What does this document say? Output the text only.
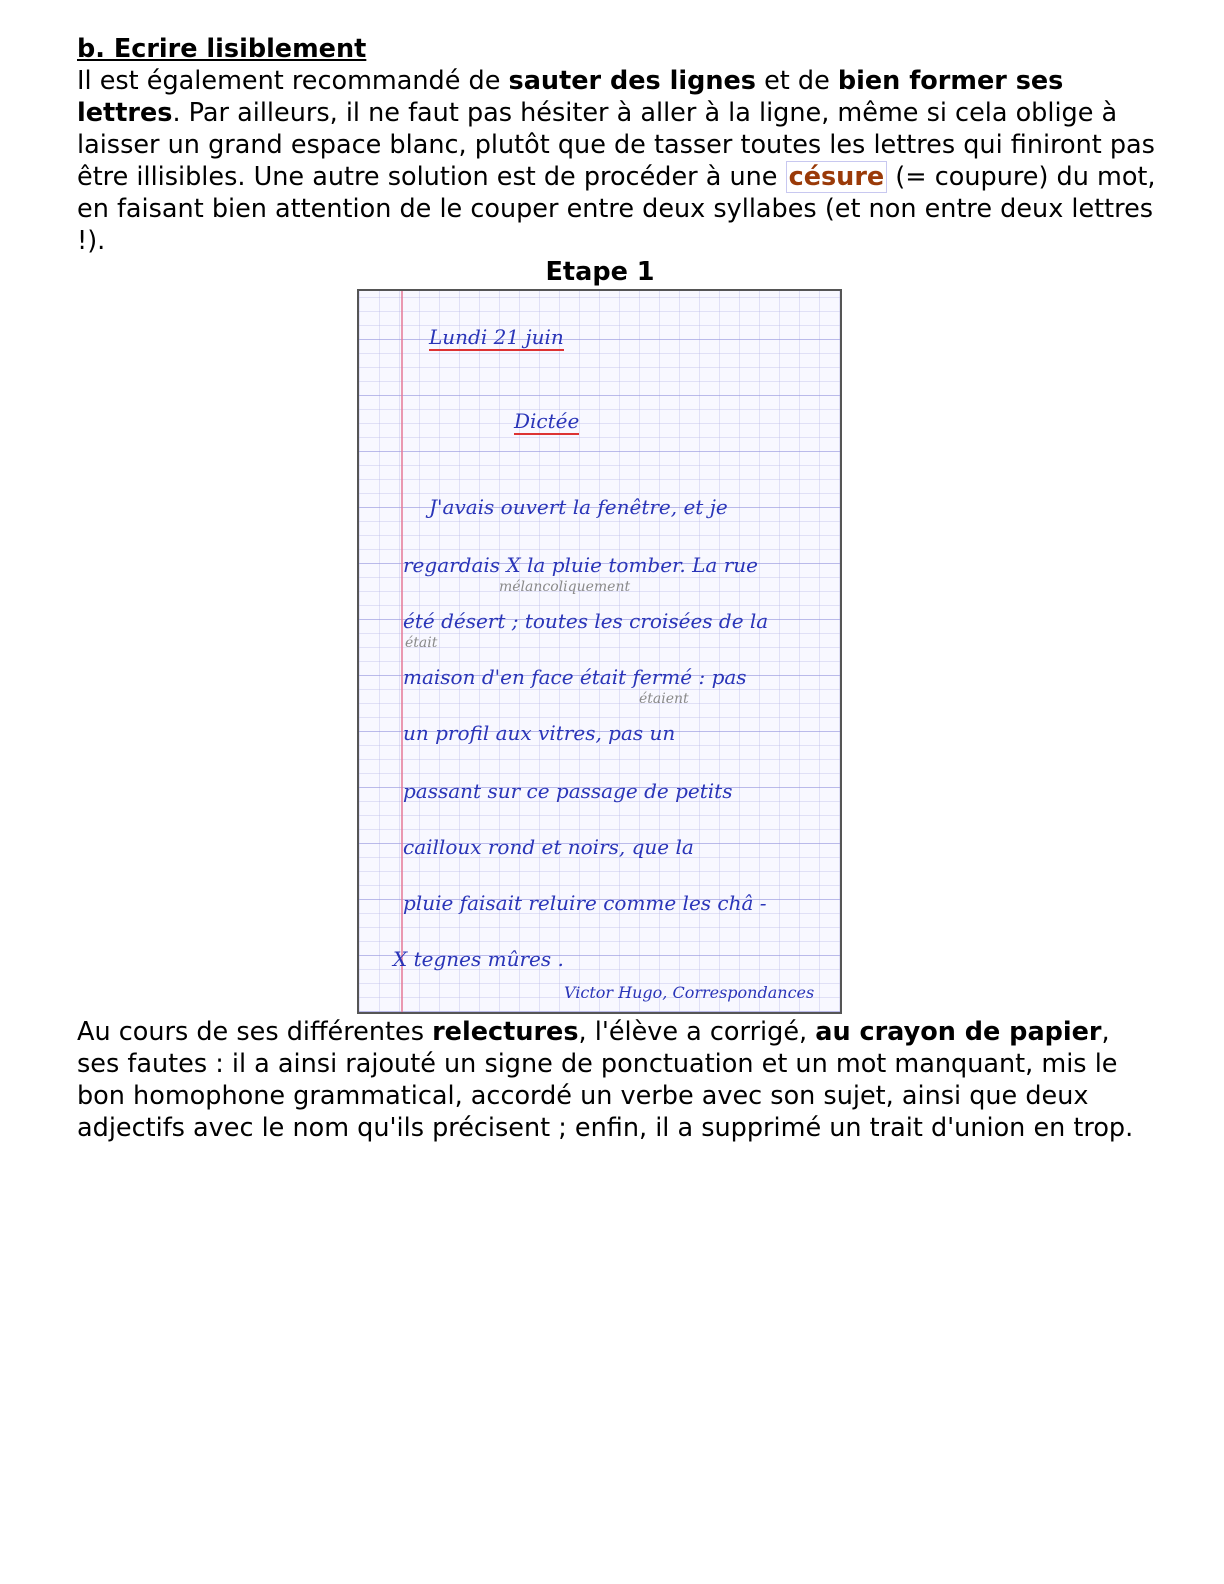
b. Ecrire lisiblement
Il est également recommandé de sauter des lignes et de bien former ses lettres. Par ailleurs, il ne faut pas hésiter à aller à la ligne, même si cela oblige à laisser un grand espace blanc, plutôt que de tasser toutes les lettres qui finiront pas être illisibles. Une autre solution est de procéder à une césure (= coupure) du mot, en faisant bien attention de le couper entre deux syllabes (et non entre deux lettres !).
Etape 1
Lundi 21 juin
Dictée
J'avais ouvert la fenêtre, et je
regardais X la pluie tomber. La rue
mélancoliquement
été désert ; toutes les croisées de la
était
maison d'en face était fermé : pas
étaient
un profil aux vitres, pas un
passant sur ce passage de petits
cailloux rond et noirs, que la
pluie faisait reluire comme les châ -
X tegnes mûres .
Victor Hugo, Correspondances
Au cours de ses différentes relectures, l'élève a corrigé, au crayon de papier, ses fautes : il a ainsi rajouté un signe de ponctuation et un mot manquant, mis le bon homophone grammatical, accordé un verbe avec son sujet, ainsi que deux adjectifs avec le nom qu'ils précisent ; enfin, il a supprimé un trait d'union en trop.
